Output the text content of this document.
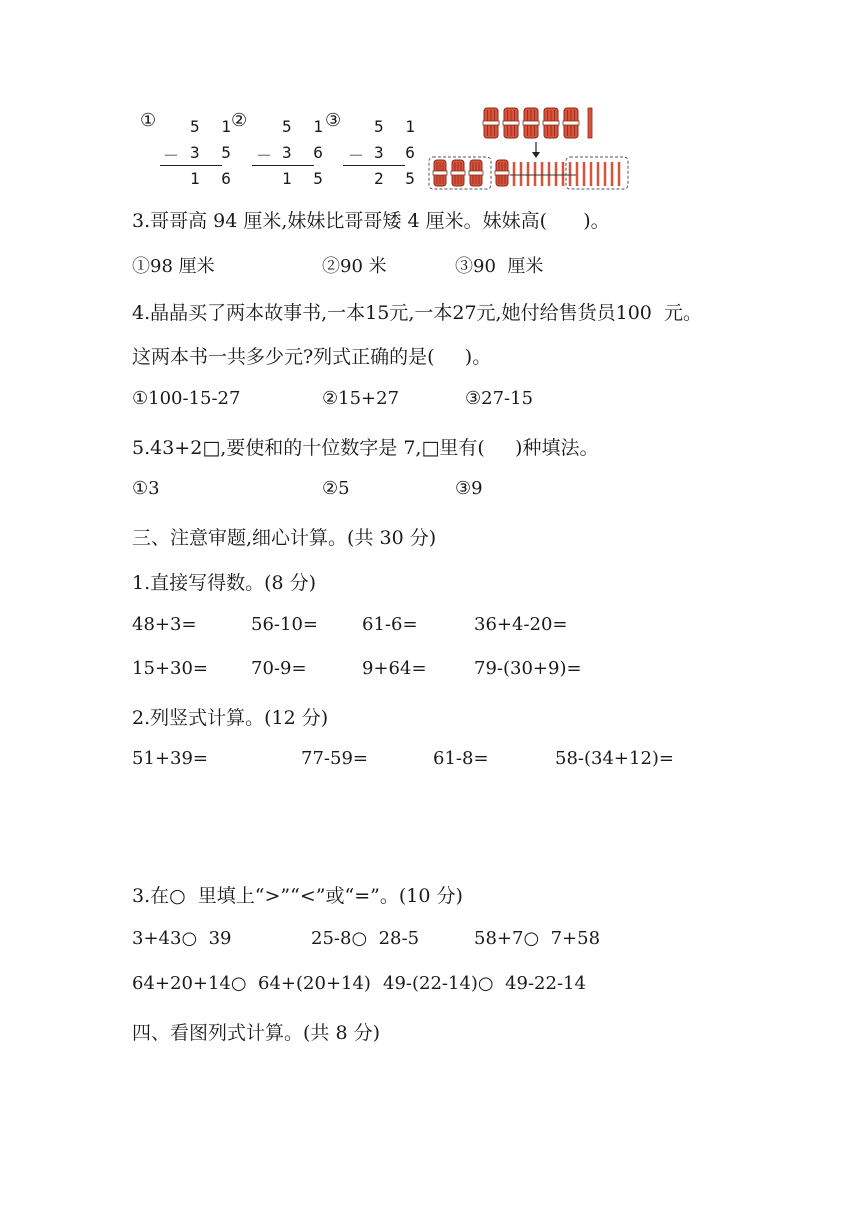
① 5 1
－ 3 5
1 6
② 5 1
－ 3 6
1 5
③ 5 1
－ 3 6
2 5
3.哥哥高 94 厘米,妹妹比哥哥矮 4 厘米。妹妹高(      )。
①98 厘米	②90 米	③90  厘米
4.晶晶买了两本故事书,一本15元,一本27元,她付给售货员100  元。
这两本书一共多少元?列式正确的是(     )。
①100-15-27	②15+27	③27-15
5.43+2□,要使和的十位数字是 7,□里有(     )种填法。
①3	②5	③9
三、注意审题,细心计算。(共 30 分)
1.直接写得数。(8 分)
48+3=	56-10= 61-6=	36+4-20=
15+30= 70-9=	9+64=	79-(30+9)=
2.列竖式计算。(12 分)
51+39=	77-59=	61-8=	58-(34+12)=
3.在○  里填上“>”“<”或“=”。(10 分)
3+43○  39	25-8○  28-5	58+7○  7+58
64+20+14○  64+(20+14) 49-(22-14)○  49-22-14
四、看图列式计算。(共 8 分)
